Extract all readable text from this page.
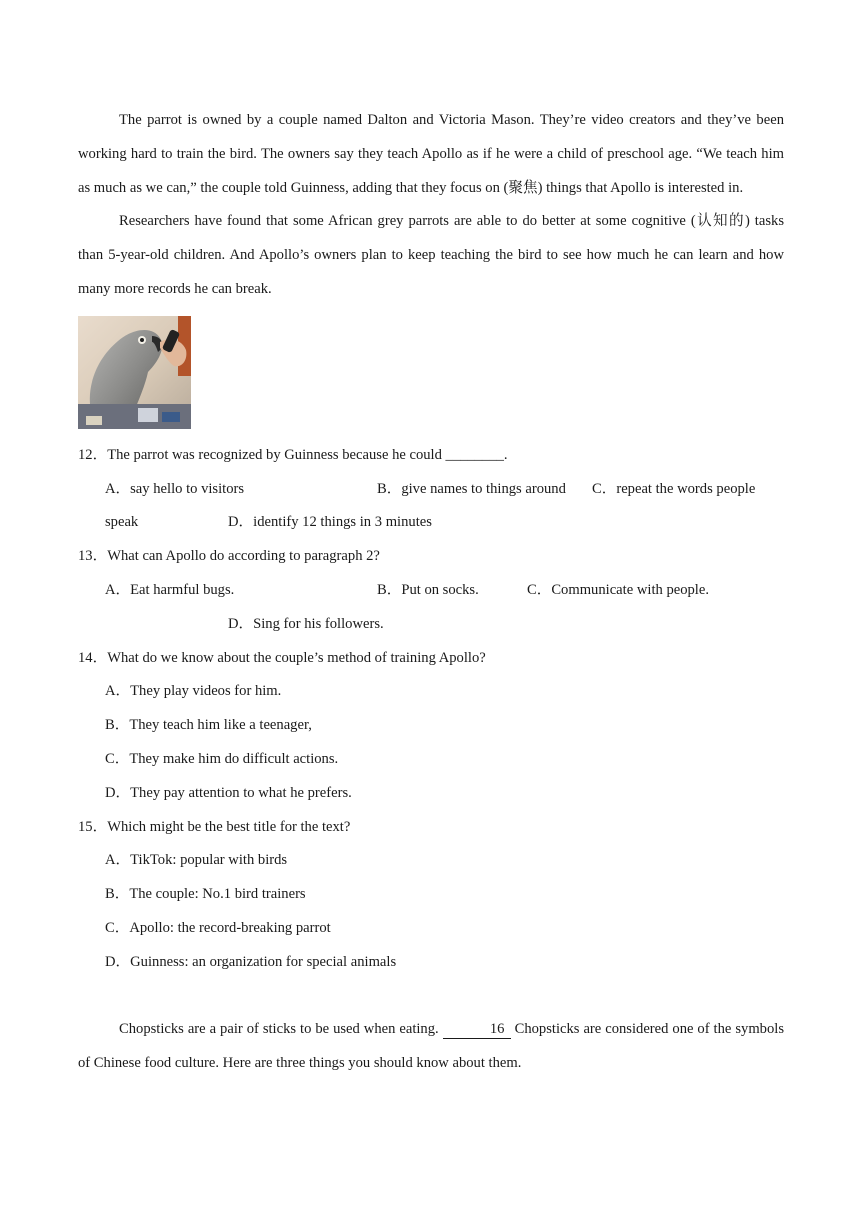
The parrot is owned by a couple named Dalton and Victoria Mason. They’re video creators and they’ve been working hard to train the bird. The owners say they teach Apollo as if he were a child of preschool age. “We teach him as much as we can,” the couple told Guinness, adding that they focus on (聚焦) things that Apollo is interested in.

Researchers have found that some African grey parrots are able to do better at some cognitive (认知的) tasks than 5-year-old children. And Apollo’s owners plan to keep teaching the bird to see how much he can learn and how many more records he can break.

12．The parrot was recognized by Guinness because he could ________.

A．say hello to visitors	B．give names to things around	C．repeat the words people
speak	D．identify 12 things in 3 minutes

13．What can Apollo do according to paragraph 2?

A．Eat harmful bugs.	B．Put on socks.	C．Communicate with people.
D．Sing for his followers.

14．What do we know about the couple’s method of training Apollo?

A．They play videos for him.
B．They teach him like a teenager,
C．They make him do difficult actions.
D．They pay attention to what he prefers.

15．Which might be the best title for the text?

A．TikTok: popular with birds
B．The couple: No.1 bird trainers
C．Apollo: the record-breaking parrot
D．Guinness: an organization for special animals

Chopsticks are a pair of sticks to be used when eating.	16 Chopsticks are considered one of the symbols of Chinese food culture. Here are three things you should know about them.
